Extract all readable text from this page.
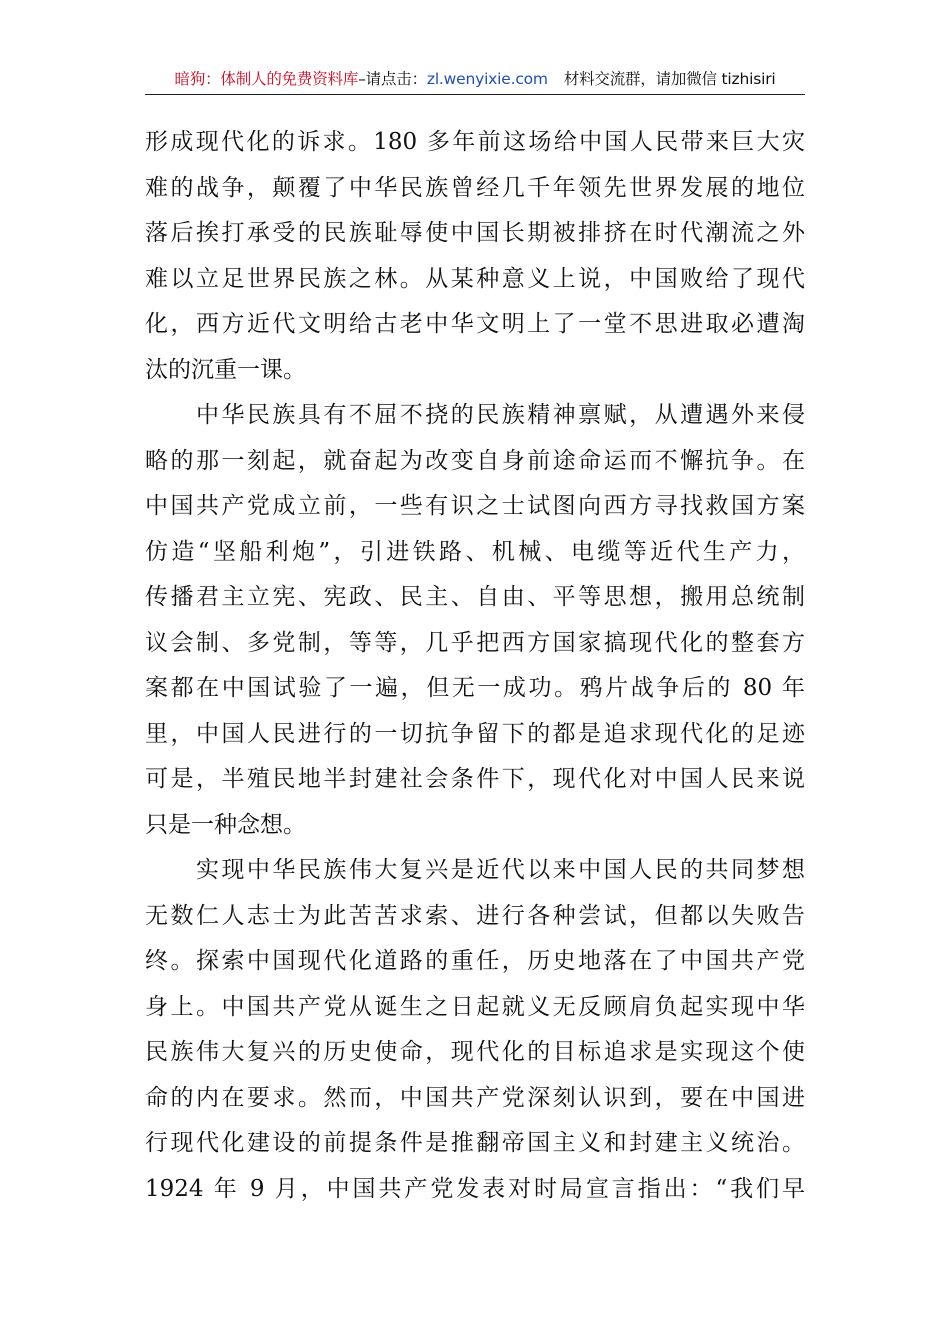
暗狗：体制人的免费资料库–请点击：zl.wenyixie.com 材料交流群，请加微信 tizhisiri
形成现代化的诉求。180 多年前这场给中国人民带来巨大灾
难的战争，颠覆了中华民族曾经几千年领先世界发展的地位
落后挨打承受的民族耻辱使中国长期被排挤在时代潮流之外
难以立足世界民族之林。从某种意义上说，中国败给了现代
化，西方近代文明给古老中华文明上了一堂不思进取必遭淘
汰的沉重一课。
　　中华民族具有不屈不挠的民族精神禀赋，从遭遇外来侵
略的那一刻起，就奋起为改变自身前途命运而不懈抗争。在
中国共产党成立前，一些有识之士试图向西方寻找救国方案
仿造“坚船利炮”，引进铁路、机械、电缆等近代生产力，
传播君主立宪、宪政、民主、自由、平等思想，搬用总统制
议会制、多党制，等等，几乎把西方国家搞现代化的整套方
案都在中国试验了一遍，但无一成功。鸦片战争后的 80 年
里，中国人民进行的一切抗争留下的都是追求现代化的足迹
可是，半殖民地半封建社会条件下，现代化对中国人民来说
只是一种念想。
　　实现中华民族伟大复兴是近代以来中国人民的共同梦想
无数仁人志士为此苦苦求索、进行各种尝试，但都以失败告
终。探索中国现代化道路的重任，历史地落在了中国共产党
身上。中国共产党从诞生之日起就义无反顾肩负起实现中华
民族伟大复兴的历史使命，现代化的目标追求是实现这个使
命的内在要求。然而，中国共产党深刻认识到，要在中国进
行现代化建设的前提条件是推翻帝国主义和封建主义统治。
1924 年 9 月，中国共产党发表对时局宣言指出：“我们早
